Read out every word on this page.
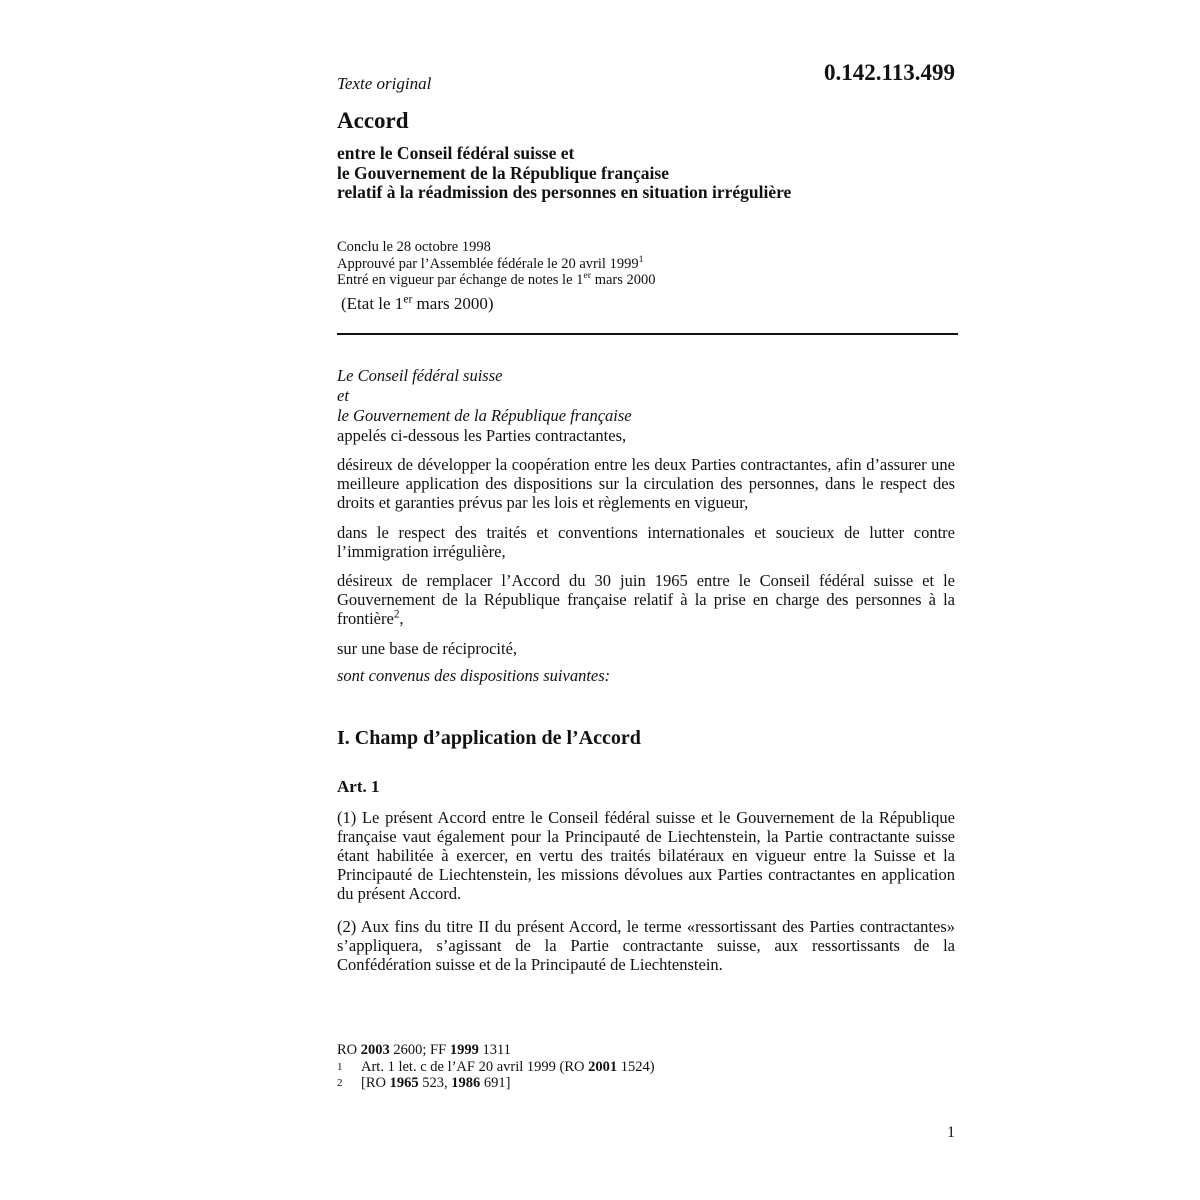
0.142.113.499
Texte original
Accord
entre le Conseil fédéral suisse et
le Gouvernement de la République française
relatif à la réadmission des personnes en situation irrégulière
Conclu le 28 octobre 1998
Approuvé par l’Assemblée fédérale le 20 avril 1999$^1$
Entré en vigueur par échange de notes le 1er mars 2000
(Etat le 1er mars 2000)
Le Conseil fédéral suisse
et
le Gouvernement de la République française
appelés ci-dessous les Parties contractantes,
désireux de développer la coopération entre les deux Parties contractantes, afin d’assurer une meilleure application des dispositions sur la circulation des personnes, dans le respect des droits et garanties prévus par les lois et règlements en vigueur,
dans le respect des traités et conventions internationales et soucieux de lutter contre l’immigration irrégulière,
désireux de remplacer l’Accord du 30 juin 1965 entre le Conseil fédéral suisse et le Gouvernement de la République française relatif à la prise en charge des personnes à la frontière$^2$,
sur une base de réciprocité,
sont convenus des dispositions suivantes:
I. Champ d’application de l’Accord
Art. 1
(1) Le présent Accord entre le Conseil fédéral suisse et le Gouvernement de la République française vaut également pour la Principauté de Liechtenstein, la Partie contractante suisse étant habilitée à exercer, en vertu des traités bilatéraux en vigueur entre la Suisse et la Principauté de Liechtenstein, les missions dévolues aux Parties contractantes en application du présent Accord.
(2) Aux fins du titre II du présent Accord, le terme «ressortissant des Parties contractantes» s’appliquera, s’agissant de la Partie contractante suisse, aux ressortissants de la Confédération suisse et de la Principauté de Liechtenstein.
RO 2003 2600; FF 1999 1311
1 Art. 1 let. c de l’AF 20 avril 1999 (RO 2001 1524)
2 [RO 1965 523, 1986 691]
1
